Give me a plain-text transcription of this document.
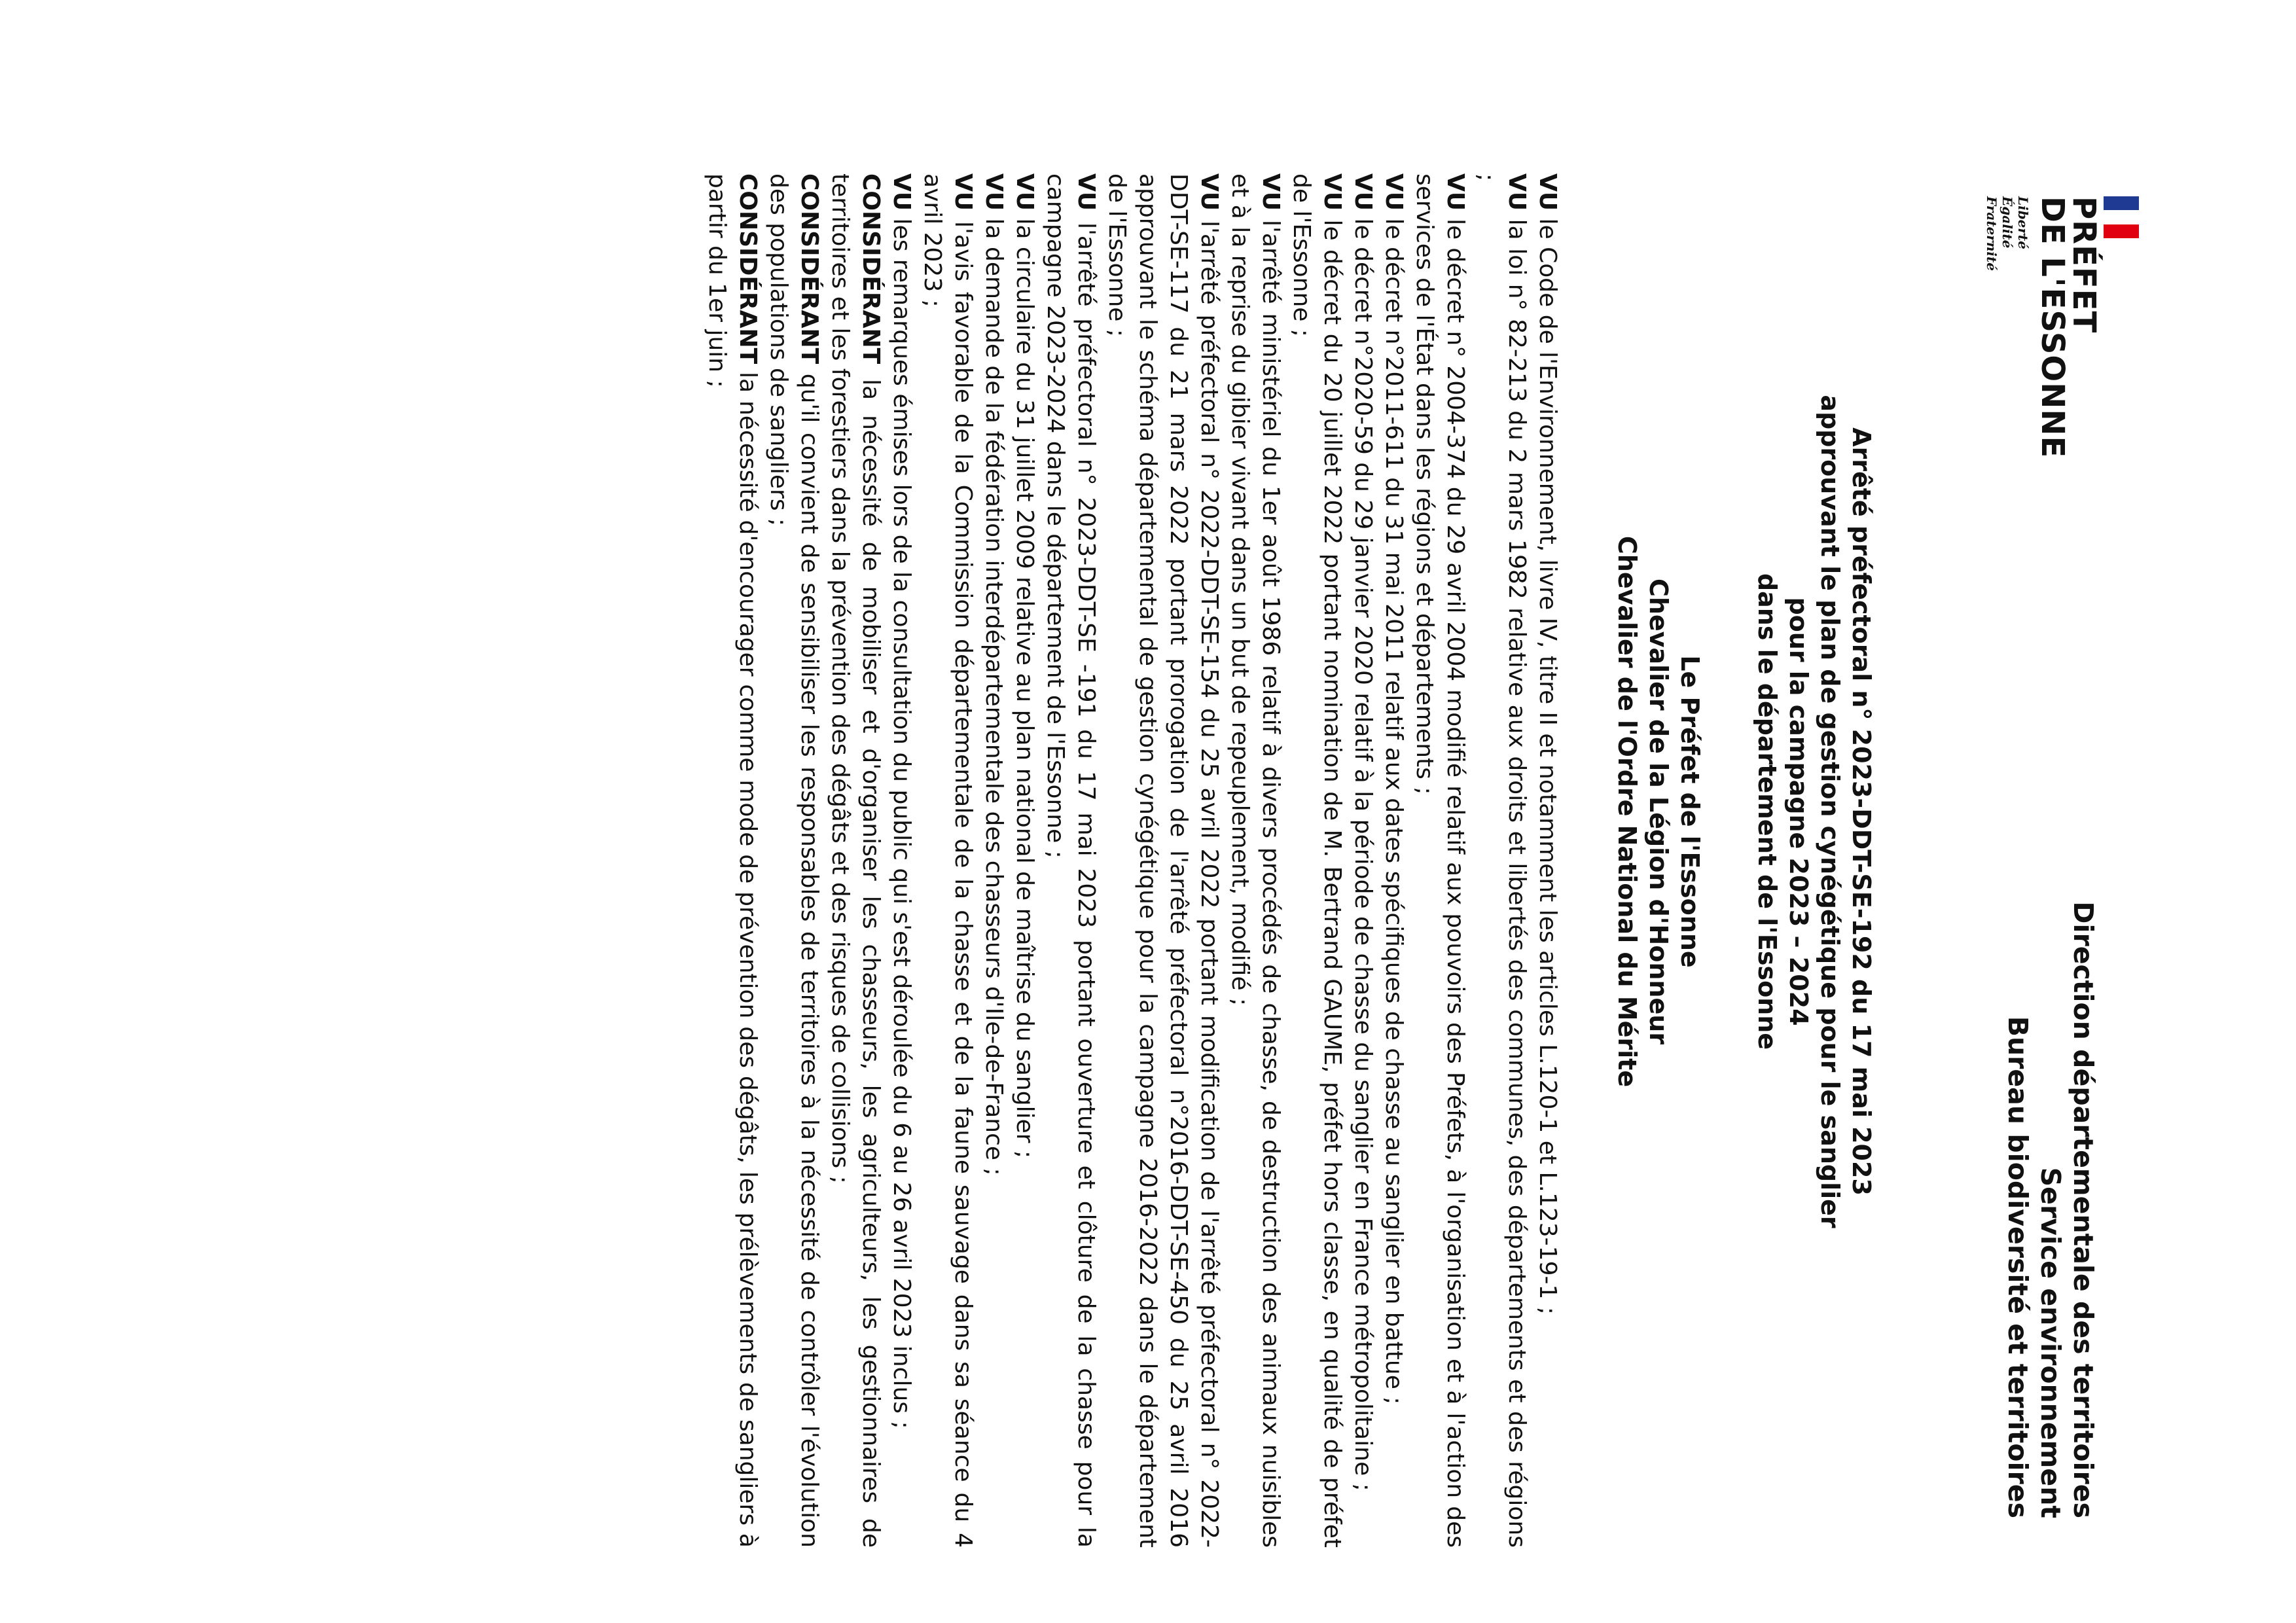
PRÉFET
DE L'ESSONNE
Liberté
Égalité
Fraternité
Direction départementale des territoires
Service environnement
Bureau biodiversité et territoires
Arrêté préfectoral n° 2023-DDT-SE-192 du 17 mai 2023
approuvant le plan de gestion cynégétique pour le sanglier
pour la campagne 2023 – 2024
dans le département de l'Essonne
Le Préfet de l'Essonne
Chevalier de la Légion d'Honneur
Chevalier de l'Ordre National du Mérite

VU le Code de l'Environnement, livre IV, titre II et notamment les articles L.120-1 et L.123-19-1 ;

VU la loi n° 82-213 du 2 mars 1982 relative aux droits et libertés des communes, des départements et des régions ;

VU le décret n° 2004-374 du 29 avril 2004 modifié relatif aux pouvoirs des Préfets, à l'organisation et à l'action des services de l'État dans les régions et départements ;

VU le décret n°2011-611 du 31 mai 2011 relatif aux dates spécifiques de chasse au sanglier en battue ;

VU le décret n°2020-59 du 29 janvier 2020 relatif à la période de chasse du sanglier en France métropolitaine ;

VU le décret du 20 juillet 2022 portant nomination de M. Bertrand GAUME, préfet hors classe, en qualité de préfet de l'Essonne ;

VU l'arrêté ministériel du 1er août 1986 relatif à divers procédés de chasse, de destruction des animaux nuisibles et à la reprise du gibier vivant dans un but de repeuplement, modifié ;

VU l'arrêté préfectoral n° 2022-DDT-SE-154 du 25 avril 2022 portant modification de l'arrêté préfectoral n° 2022-DDT-SE-117 du 21 mars 2022 portant prorogation de l'arrêté préfectoral n°2016-DDT-SE-450 du 25 avril 2016 approuvant le schéma départemental de gestion cynégétique pour la campagne 2016-2022 dans le département de l'Essonne ;

VU l'arrêté préfectoral n° 2023-DDT-SE -191 du 17 mai 2023 portant ouverture et clôture de la chasse pour la campagne 2023-2024 dans le département de l'Essonne ;

VU la circulaire du 31 juillet 2009 relative au plan national de maîtrise du sanglier ;

VU la demande de la fédération interdépartementale des chasseurs d'Ile-de-France ;

VU l'avis favorable de la Commission départementale de la chasse et de la faune sauvage dans sa séance du 4 avril 2023 ;

VU les remarques émises lors de la consultation du public qui s'est déroulée du 6 au 26 avril 2023 inclus ;

CONSIDÉRANT la nécessité de mobiliser et d'organiser les chasseurs, les agriculteurs, les gestionnaires de territoires et les forestiers dans la prévention des dégâts et des risques de collisions ;

CONSIDÉRANT qu'il convient de sensibiliser les responsables de territoires à la nécessité de contrôler l'évolution des populations de sangliers ;

CONSIDÉRANT la nécessité d'encourager comme mode de prévention des dégâts, les prélèvements de sangliers à partir du 1er juin ;
